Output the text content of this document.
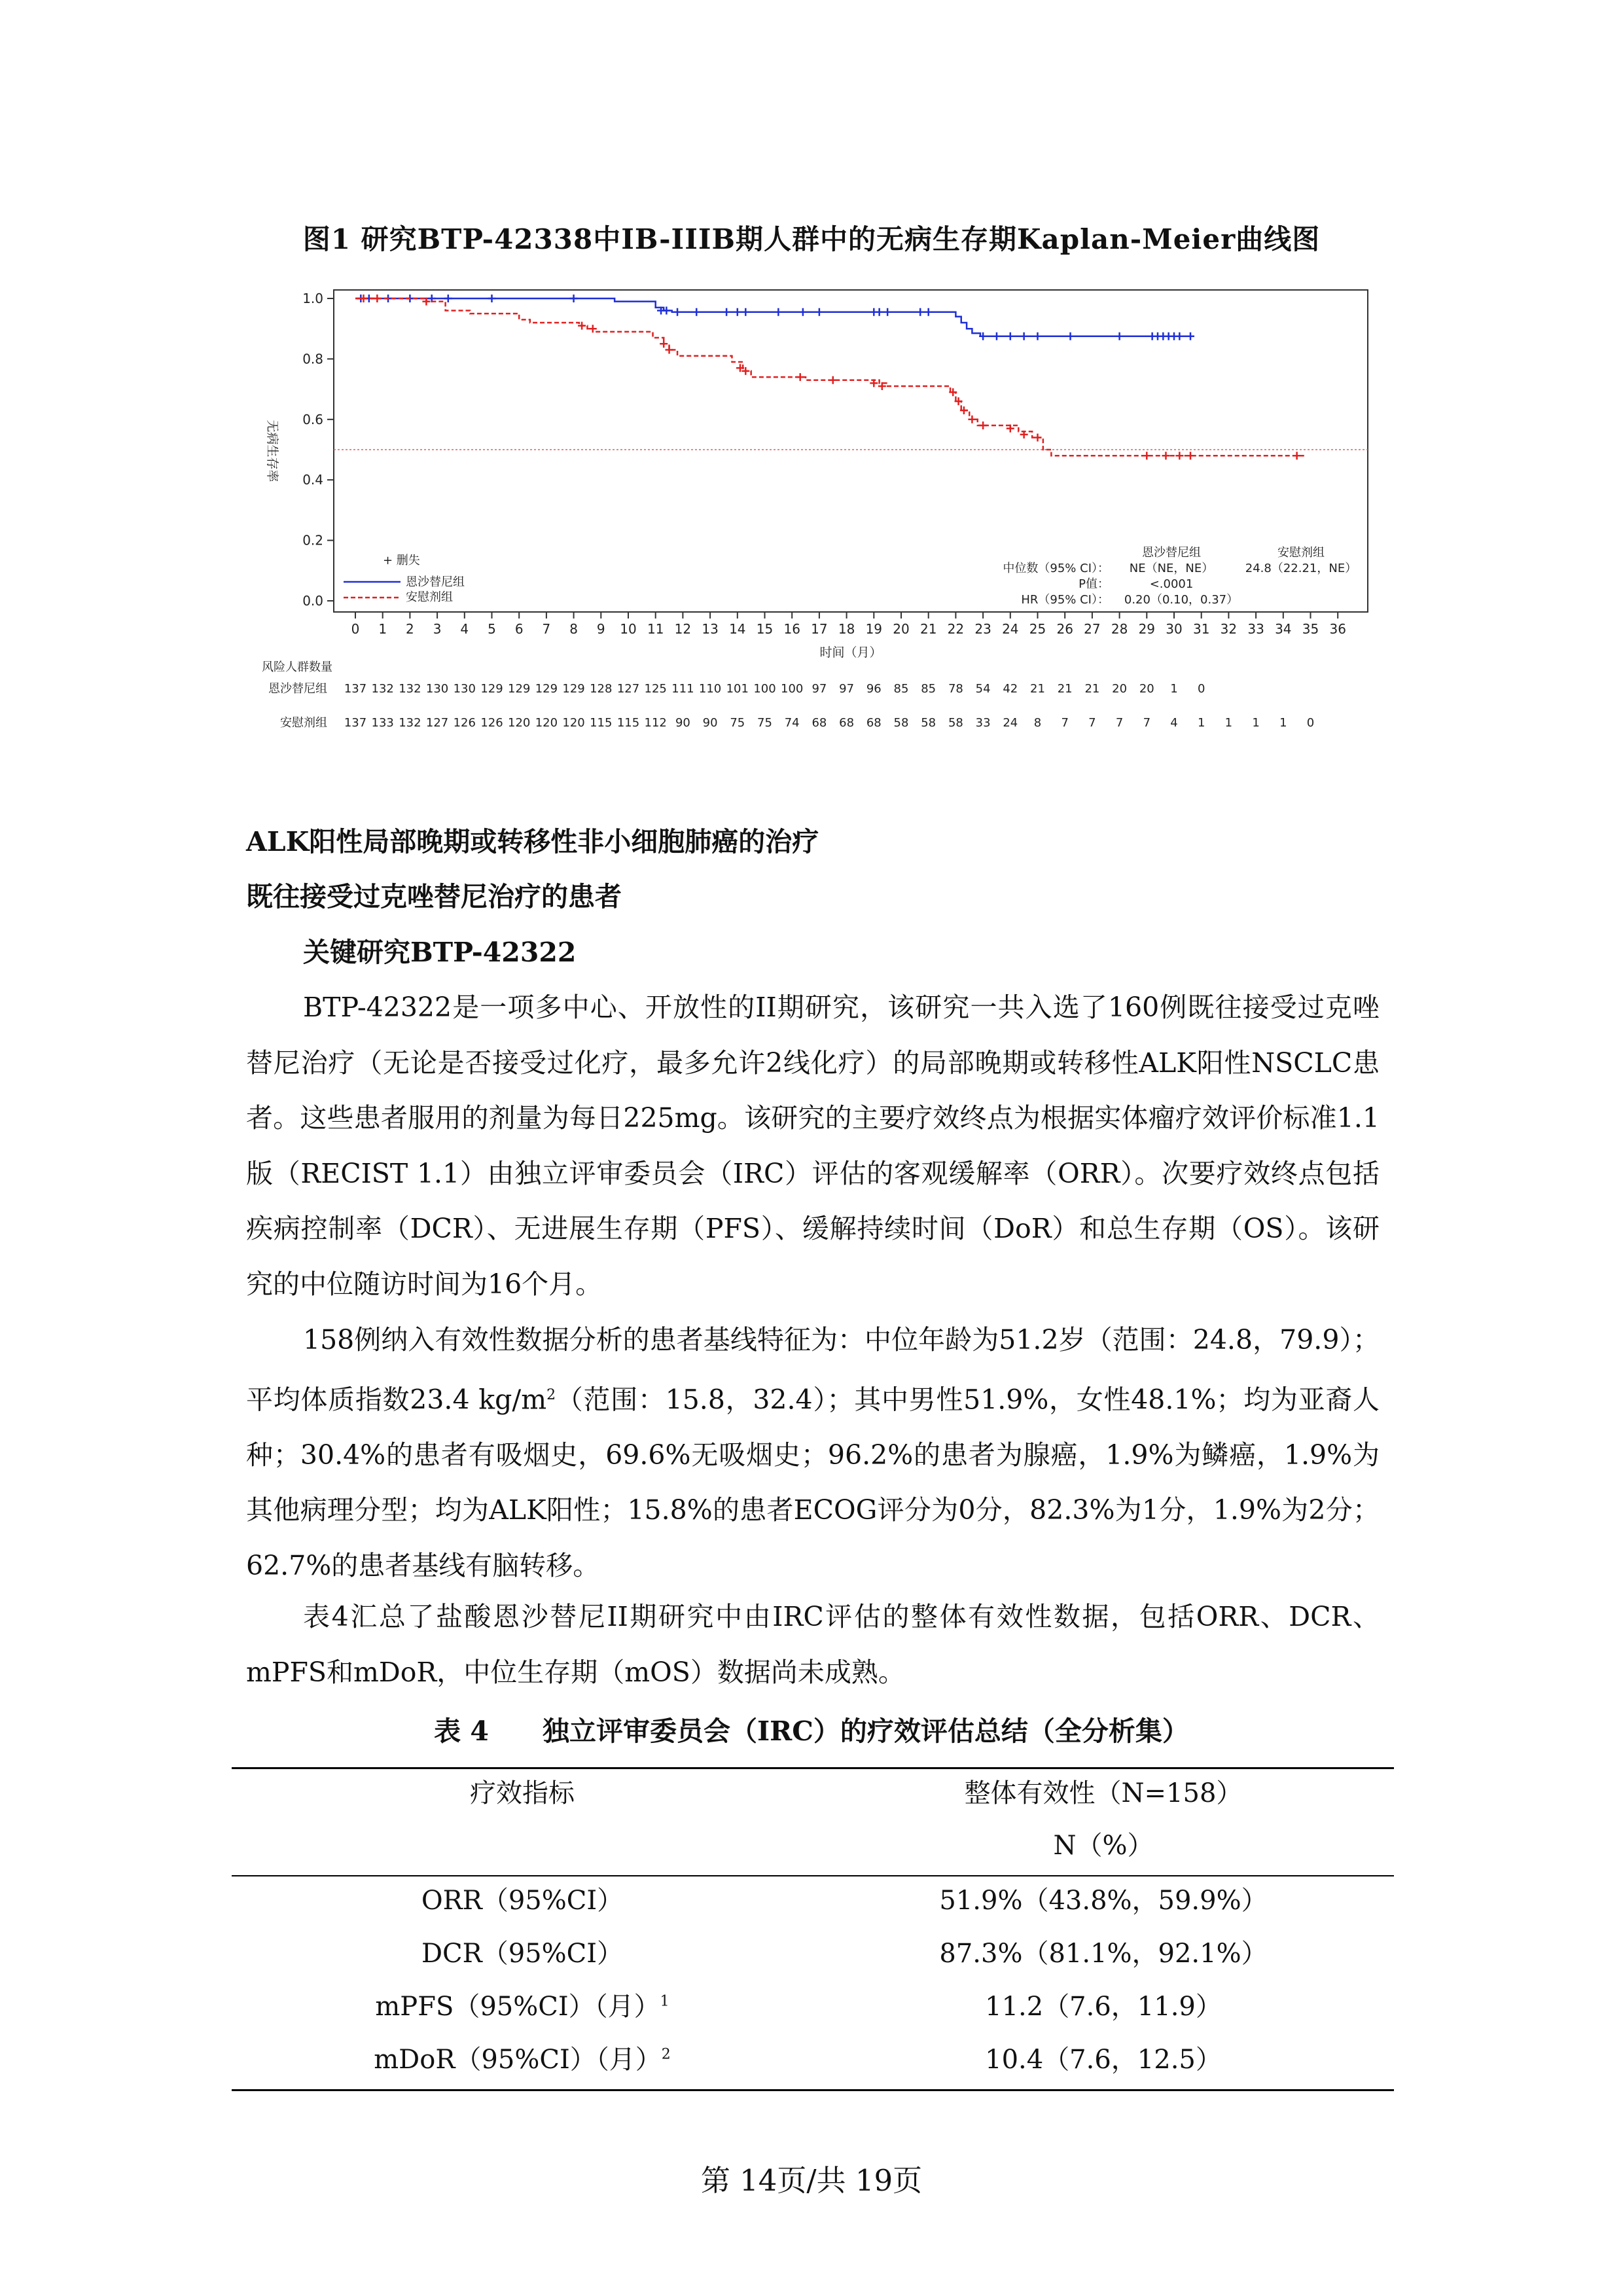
图1 研究BTP-42338中IB-IIIB期人群中的无病生存期Kaplan-Meier曲线图
0.0
0.2
0.4
0.6
0.8
1.0
0 1 2 3 4 5 6 7 8 9 10 11 12 13 14 15 16 17 18 19 20 21 22 23 24 25 26 27 28 29 30 31 32 33 34 35 36
时间（月）
无病生存率
+ 删失
恩沙替尼组
安慰剂组
恩沙替尼组	安慰剂组
中位数（95% CI）： NE（NE，NE）	24.8（22.21，NE）
P值：	<.0001
HR（95% CI）： 0.20（0.10，0.37）
风险人群数量
恩沙替尼组 137 132 132 130 130 129 129 129 129 128 127 125 111 110 101 100 100 97 97 96 85 85 78 54 42 21 21 21 20 20 1 0
安慰剂组 137 133 132 127 126 126 120 120 120 115 115 112 90 90 75 75 74 68 68 68 58 58 58 33 24 8 7 7 7 7 4 1 1 1 1 0
ALK阳性局部晚期或转移性非小细胞肺癌的治疗
既往接受过克唑替尼治疗的患者
关键研究BTP-42322
BTP-42322是一项多中心、开放性的II期研究，该研究一共入选了160例既往接受过克唑替尼治疗（无论是否接受过化疗，最多允许2线化疗）的局部晚期或转移性ALK阳性NSCLC患者。这些患者服用的剂量为每日225mg。该研究的主要疗效终点为根据实体瘤疗效评价标准1.1版（RECIST 1.1）由独立评审委员会（IRC）评估的客观缓解率（ORR）。次要疗效终点包括疾病控制率（DCR）、无进展生存期（PFS）、缓解持续时间（DoR）和总生存期（OS）。该研究的中位随访时间为16个月。
158例纳入有效性数据分析的患者基线特征为：中位年龄为51.2岁（范围：24.8，79.9）；平均体质指数23.4 $kg/m^2$（范围：15.8，32.4）；其中男性51.9%，女性48.1%；均为亚裔人种；30.4%的患者有吸烟史，69.6%无吸烟史；96.2%的患者为腺癌，1.9%为鳞癌，1.9%为其他病理分型；均为ALK阳性；15.8%的患者ECOG评分为0分，82.3%为1分，1.9%为2分；62.7%的患者基线有脑转移。
表4汇总了盐酸恩沙替尼II期研究中由IRC评估的整体有效性数据，包括ORR、DCR、mPFS和mDoR，中位生存期（mOS）数据尚未成熟。
表 4　　独立评审委员会（IRC）的疗效评估总结（全分析集）
疗效指标	整体有效性（N=158）
N（%）
ORR（95%CI）	51.9%（43.8%，59.9%）
DCR（95%CI）	87.3%（81.1%，92.1%）
mPFS（95%CI）（月）$^1$	11.2（7.6，11.9）
mDoR（95%CI）（月）$^2$	10.4（7.6，12.5）
第 14页/共 19页
